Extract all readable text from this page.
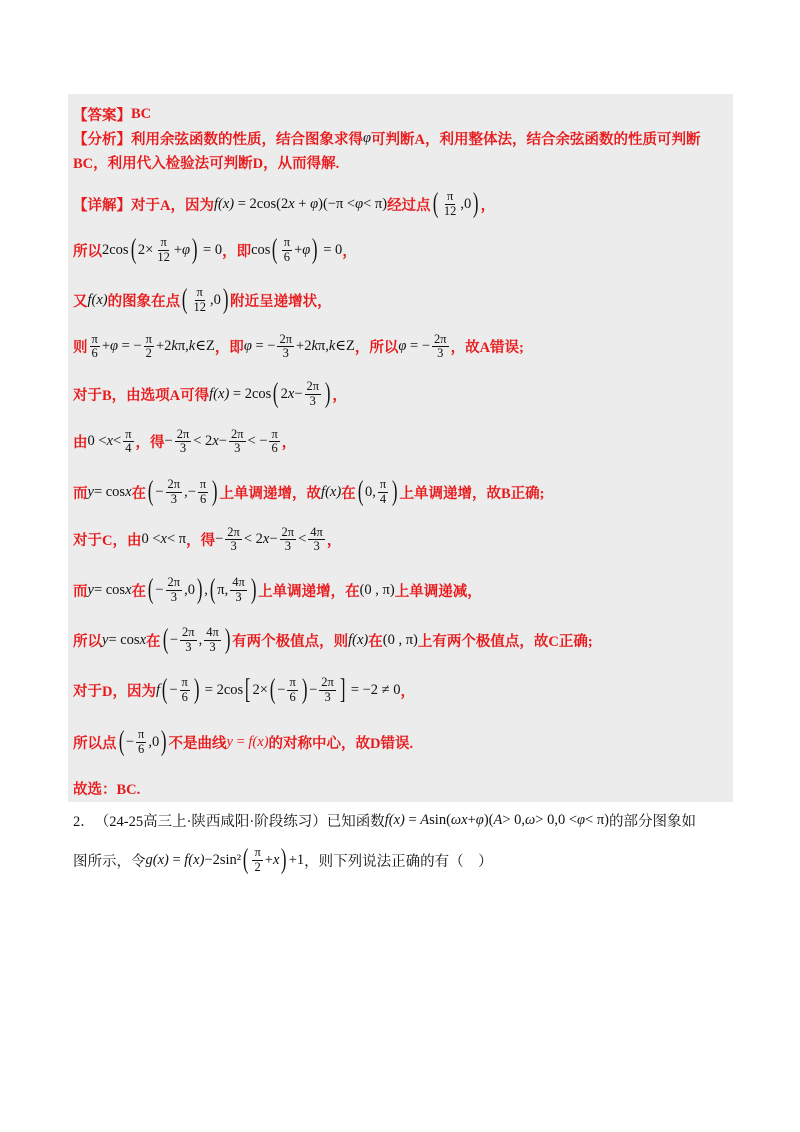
【答案】 BC
【分析】 利用余弦函数的性质，结合图象求得 φ 可判断A，利用整体法，结合余弦函数的性质可判断
BC，利用代入检验法可判断D，从而得解.
【详解】 对于A，因为 f(x) = 2cos(2 x + φ )(−π < φ < π) 经过点 ( $\frac{\pi}{12} ,0$ ) ，
所以 2cos ( $2\times \frac{\pi}{12} + \varphi$ ) = 0 ，即 cos ( $\frac{\pi}{6} + \varphi$ ) = 0 ，
又 f(x) 的图象在点 ( $\frac{\pi}{12} ,0$ ) 附近呈递增状，
则 $\frac{\pi}{6} + \varphi$ = − $\frac{\pi}{2} +2$ k π, k ∈Z ，即 φ = − $\frac{2\pi}{3} +2$ k π, k ∈Z ，所以 φ = − $\frac{2\pi}{3}$ ，故A错误;
对于B，由选项A可得 f(x) = 2cos ( 2 $x - \frac{2\pi}{3}$ ) ，
由 $0 < x < \frac{\pi}{4}$ ，得 − $\frac{2\pi}{3} < 2$ $x - \frac{2\pi}{3}$ < − $\frac{\pi}{6}$ ，
而 y = cos x 在 ( − $\frac{2\pi}{3}$ ,− $\frac{\pi}{6}$ ) 上单调递增，故 f(x) 在 ( 0, $\frac{\pi}{4}$ ) 上单调递增，故B正确;
对于C，由 0 < x < π ，得 − $\frac{2\pi}{3} < 2$ $x - \frac{2\pi}{3} < \frac{4\pi}{3}$ ，
而 y = cos x 在 ( − $\frac{2\pi}{3} ,0$ ) , ( π, $\frac{4\pi}{3}$ ) 上单调递增，在 (0 , π) 上单调递减，
所以 y = cos x 在 ( − $\frac{2\pi}{3}$ , $\frac{4\pi}{3}$ ) 有两个极值点，则 f(x) 在 (0 , π) 上有两个极值点，故C正确;
对于D，因为 f ( − $\frac{\pi}{6}$ ) = 2cos [ 2× ( − $\frac{\pi}{6}$ ) − $\frac{2\pi}{3}$ ] = −2 ≠ 0 ，
所以点 ( − $\frac{\pi}{6} ,0$ ) 不是曲线 y = f(x) 的对称中心，故D错误.
故选：BC.
2． （24-25高三上·陕西咸阳·阶段练习）已知函数 f(x) = A sin( ωx + φ )( A > 0, ω > 0,0 < φ < π) 的部分图象如
图所示，令 g(x) = f(x) −2sin² ( $\frac{\pi}{2} + x$ ) +1 ，则下列说法正确的有（　）
